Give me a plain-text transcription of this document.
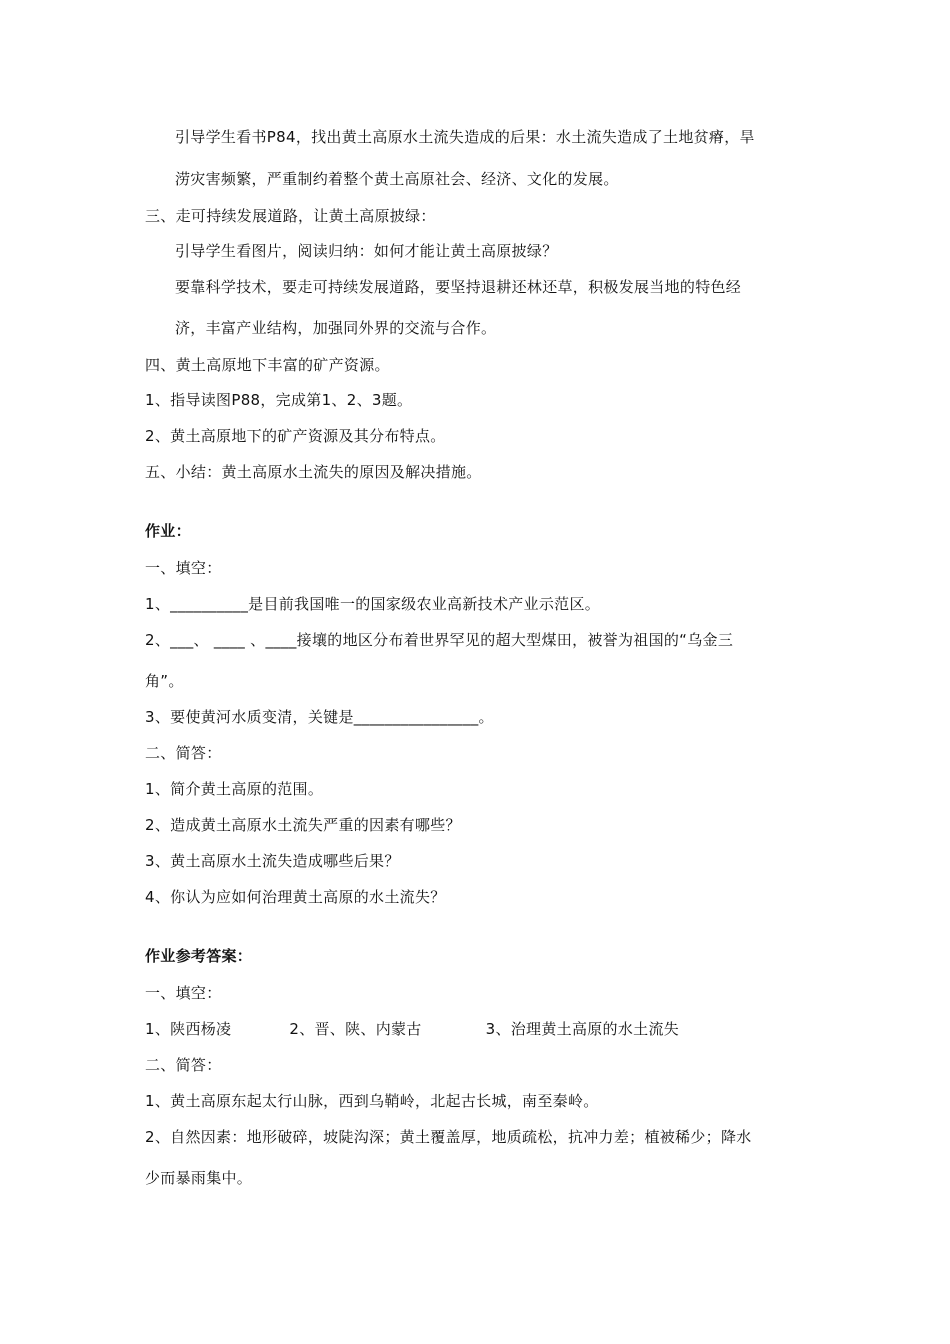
引导学生看书P84，找出黄土高原水土流失造成的后果：水土流失造成了土地贫瘠，旱
涝灾害频繁，严重制约着整个黄土高原社会、经济、文化的发展。
三、走可持续发展道路，让黄土高原披绿：
引导学生看图片，阅读归纳：如何才能让黄土高原披绿？
要靠科学技术，要走可持续发展道路，要坚持退耕还林还草，积极发展当地的特色经
济，丰富产业结构，加强同外界的交流与合作。
四、黄土高原地下丰富的矿产资源。
1、指导读图P88，完成第1、2、3题。
2、黄土高原地下的矿产资源及其分布特点。
五、小结：黄土高原水土流失的原因及解决措施。
作业：
一、填空：
1、__________是目前我国唯一的国家级农业高新技术产业示范区。
2、___、 ____ 、____接壤的地区分布着世界罕见的超大型煤田，被誉为祖国的“乌金三
角”。
3、要使黄河水质变清，关键是________________。
二、简答：
1、简介黄土高原的范围。
2、造成黄土高原水土流失严重的因素有哪些？
3、黄土高原水土流失造成哪些后果？
4、你认为应如何治理黄土高原的水土流失？
作业参考答案：
一、填空：
1、陕西杨凌	2、晋、陕、内蒙古	3、治理黄土高原的水土流失
二、简答：
1、黄土高原东起太行山脉，西到乌鞘岭，北起古长城，南至秦岭。
2、自然因素：地形破碎，坡陡沟深；黄土覆盖厚，地质疏松，抗冲力差；植被稀少；降水
少而暴雨集中。
